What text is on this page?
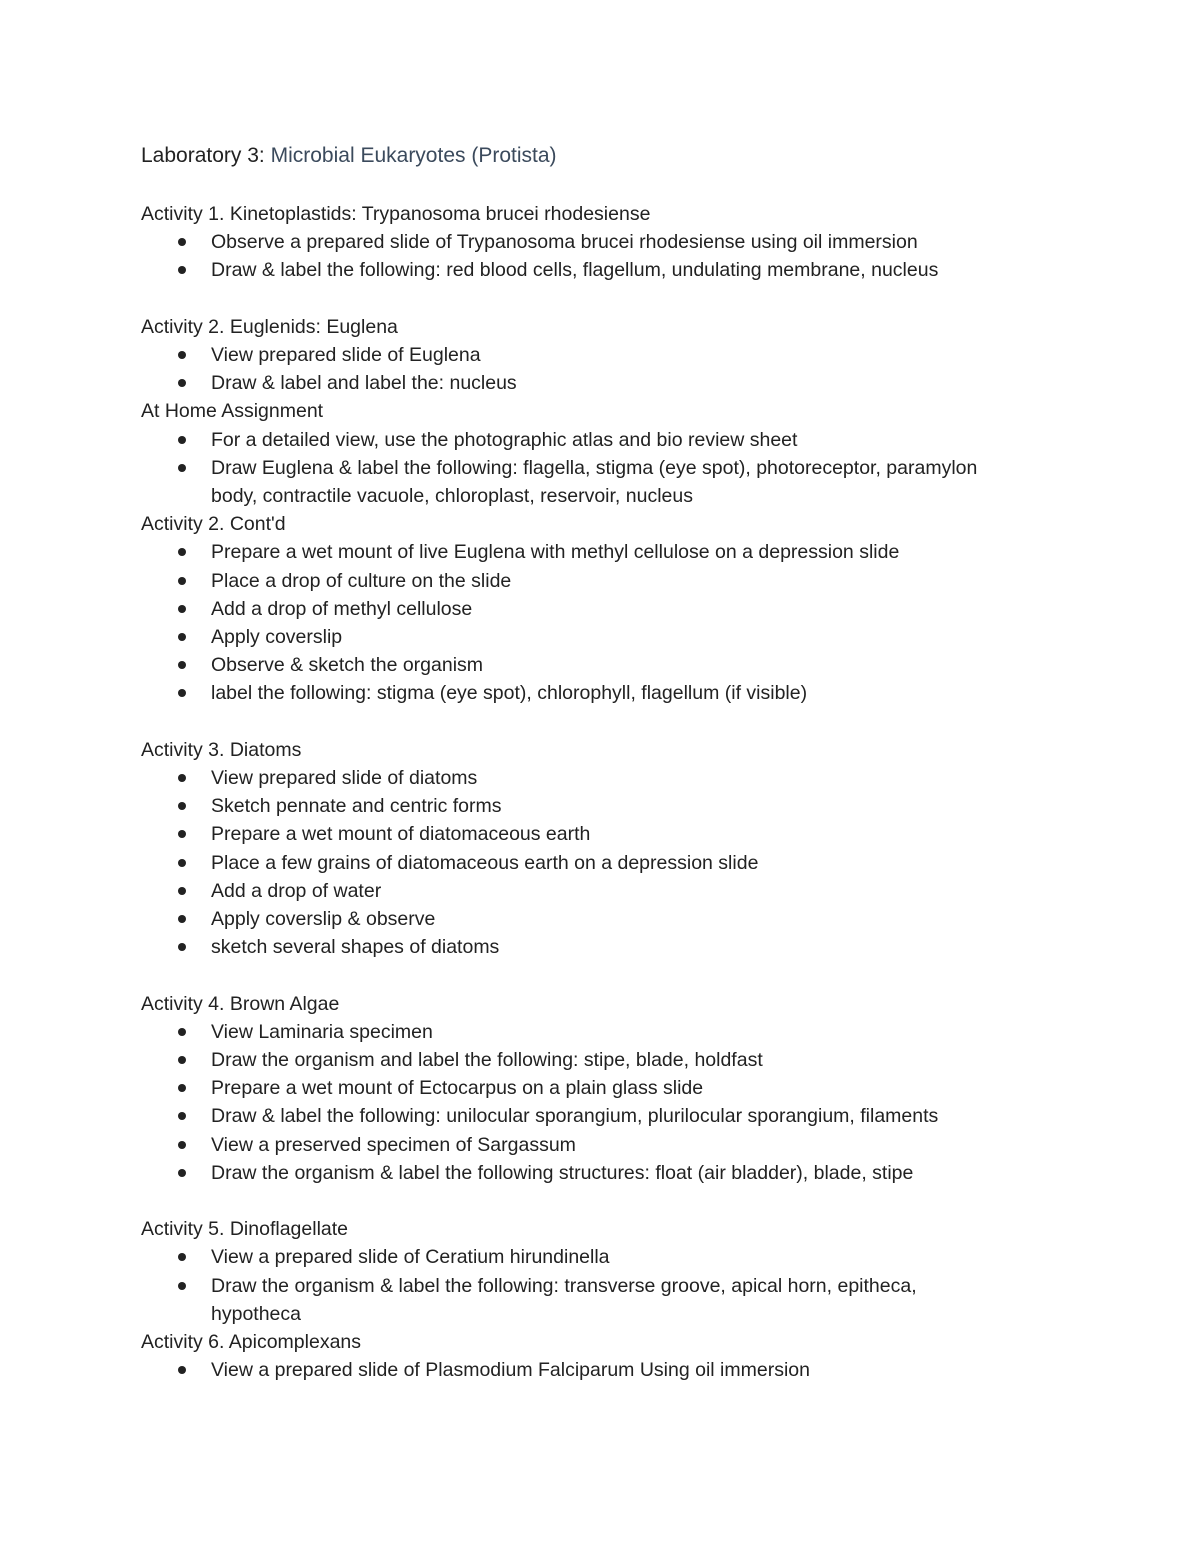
Laboratory 3: Microbial Eukaryotes (Protista)

Activity 1. Kinetoplastids: Trypanosoma brucei rhodesiense

Observe a prepared slide of Trypanosoma brucei rhodesiense using oil immersion
Draw & label the following: red blood cells, flagellum, undulating membrane, nucleus

Activity 2. Euglenids: Euglena

View prepared slide of Euglena
Draw & label and label the: nucleus

At Home Assignment

For a detailed view, use the photographic atlas and bio review sheet
Draw Euglena & label the following: flagella, stigma (eye spot), photoreceptor, paramylon body, contractile vacuole, chloroplast, reservoir, nucleus

Activity 2. Cont'd

Prepare a wet mount of live Euglena with methyl cellulose on a depression slide
Place a drop of culture on the slide
Add a drop of methyl cellulose
Apply coverslip
Observe & sketch the organism
label the following: stigma (eye spot), chlorophyll, flagellum (if visible)

Activity 3. Diatoms

View prepared slide of diatoms
Sketch pennate and centric forms
Prepare a wet mount of diatomaceous earth
Place a few grains of diatomaceous earth on a depression slide
Add a drop of water
Apply coverslip & observe
sketch several shapes of diatoms

Activity 4. Brown Algae

View Laminaria specimen
Draw the organism and label the following: stipe, blade, holdfast
Prepare a wet mount of Ectocarpus on a plain glass slide
Draw & label the following: unilocular sporangium, plurilocular sporangium, filaments
View a preserved specimen of Sargassum
Draw the organism & label the following structures: float (air bladder), blade, stipe

Activity 5. Dinoflagellate

View a prepared slide of Ceratium hirundinella
Draw the organism & label the following: transverse groove, apical horn, epitheca, hypotheca

Activity 6. Apicomplexans

View a prepared slide of Plasmodium Falciparum Using oil immersion
